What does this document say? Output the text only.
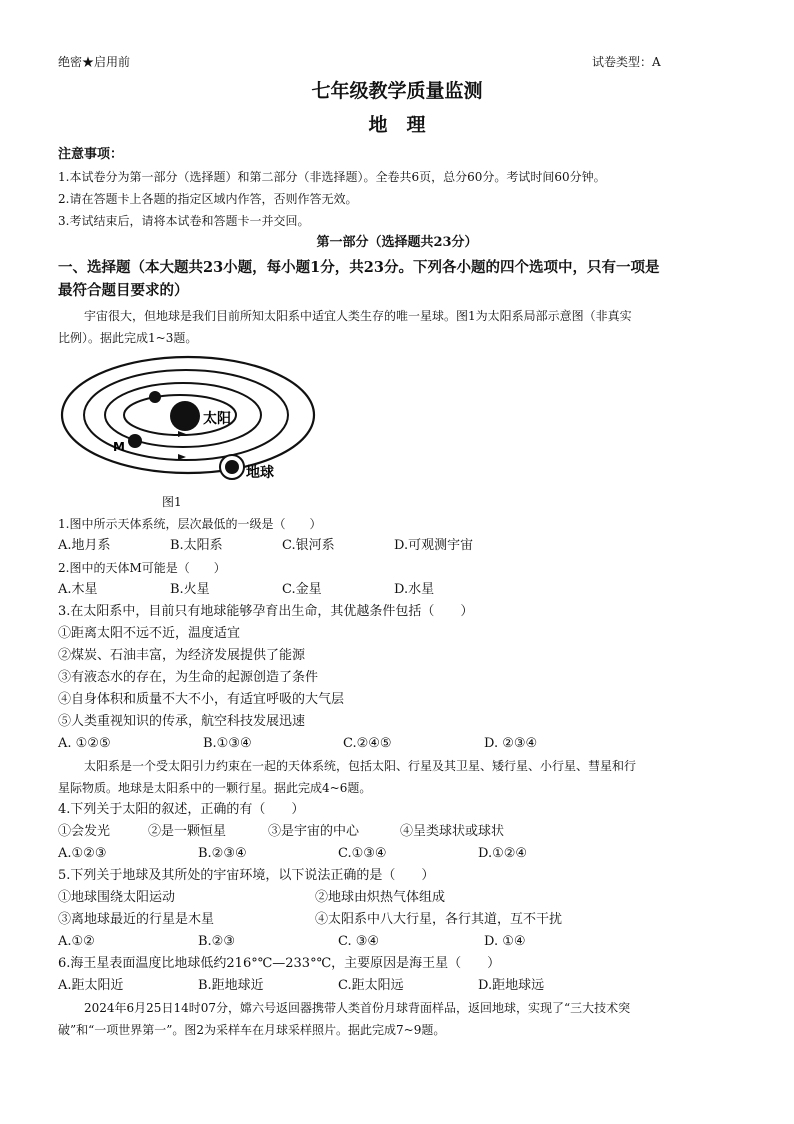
绝密★启用前	试卷类型：A
七年级教学质量监测
地　理
注意事项：
1.本试卷分为第一部分（选择题）和第二部分（非选择题）。全卷共6页，总分60分。考试时间60分钟。
2.请在答题卡上各题的指定区域内作答，否则作答无效。
3.考试结束后，请将本试卷和答题卡一并交回。
第一部分（选择题共23分）
一、选择题（本大题共23小题，每小题1分，共23分。下列各小题的四个选项中，只有一项是
最符合题目要求的）
宇宙很大，但地球是我们目前所知太阳系中适宜人类生存的唯一星球。图1为太阳系局部示意图（非真实
比例）。据此完成1~3题。
太阳
M
地球
图1
1.图中所示天体系统，层次最低的一级是（　　）
A.地月系	B.太阳系	C.银河系	D.可观测宇宙
2.图中的天体M可能是（　　）
A.木星	B.火星	C.金星	D.水星
3.在太阳系中，目前只有地球能够孕育出生命，其优越条件包括（　　）
①距离太阳不远不近，温度适宜
②煤炭、石油丰富，为经济发展提供了能源
③有液态水的存在，为生命的起源创造了条件
④自身体积和质量不大不小，有适宜呼吸的大气层
⑤人类重视知识的传承，航空科技发展迅速
A. ①②⑤	B.①③④	C.②④⑤	D. ②③④
太阳系是一个受太阳引力约束在一起的天体系统，包括太阳、行星及其卫星、矮行星、小行星、彗星和行
星际物质。地球是太阳系中的一颗行星。据此完成4~6题。
4.下列关于太阳的叙述，正确的有（　　）
①会发光	②是一颗恒星	③是宇宙的中心	④呈类球状或球状
A.①②③	B.②③④	C.①③④	D.①②④
5.下列关于地球及其所处的宇宙环境，以下说法正确的是（　　）
①地球围绕太阳运动	②地球由炽热气体组成
③离地球最近的行星是木星	④太阳系中八大行星，各行其道，互不干扰
A.①②	B.②③	C. ③④	D. ①④
6.海王星表面温度比地球低约216°℃—233°℃，主要原因是海王星（　　）
A.距太阳近	B.距地球近	C.距太阳远	D.距地球远
2024年6月25日14时07分，嫦六号返回器携带人类首份月球背面样品，返回地球，实现了“三大技术突
破”和“一项世界第一”。图2为采样车在月球采样照片。据此完成7~9题。
